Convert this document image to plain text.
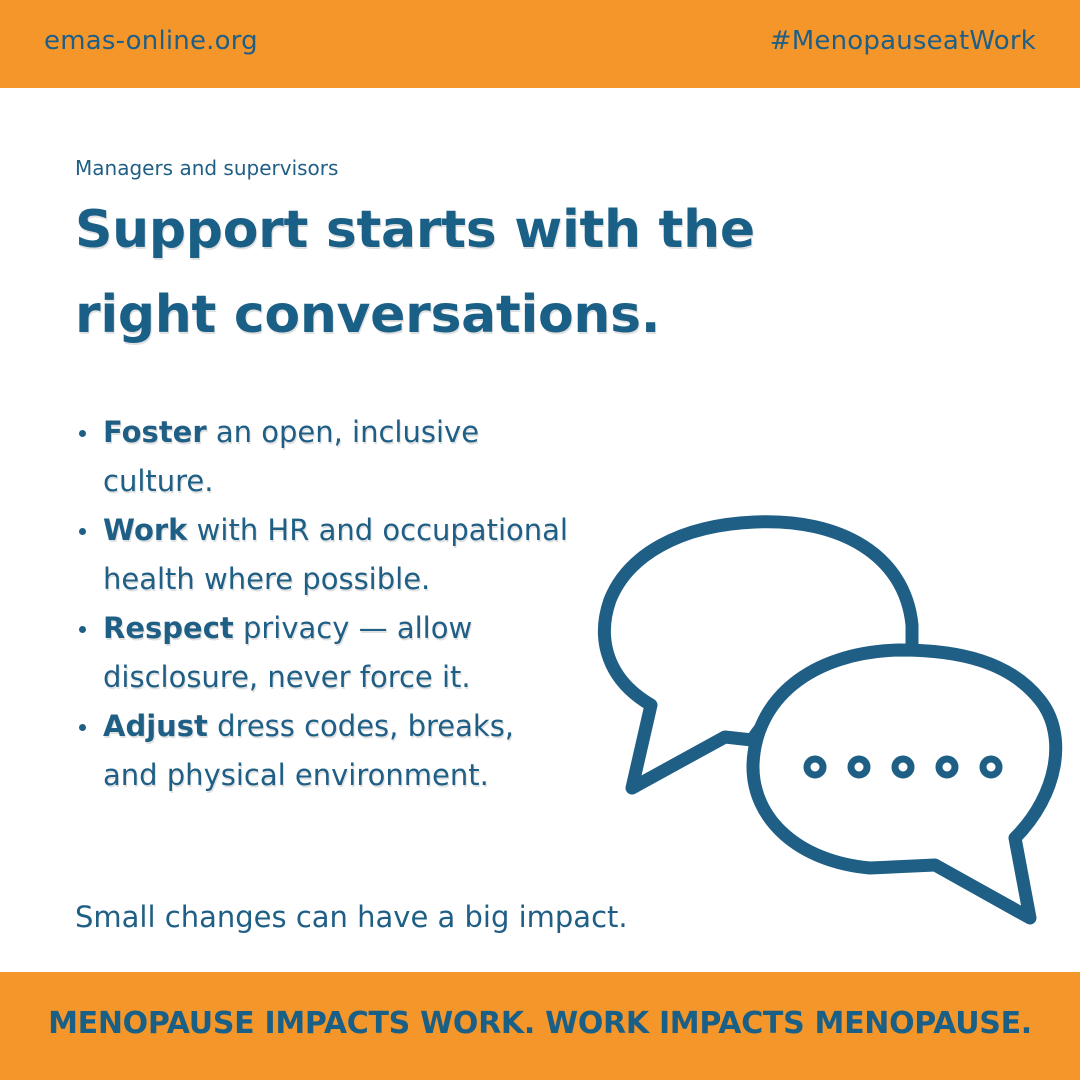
emas-online.org	#MenopauseatWork
Managers and supervisors
Support starts with the right conversations.
Foster an open, inclusive culture.
Work with HR and occupational health where possible.
Respect privacy — allow disclosure, never force it.
Adjust dress codes, breaks, and physical environment.
Small changes can have a big impact.
MENOPAUSE IMPACTS WORK. WORK IMPACTS MENOPAUSE.
